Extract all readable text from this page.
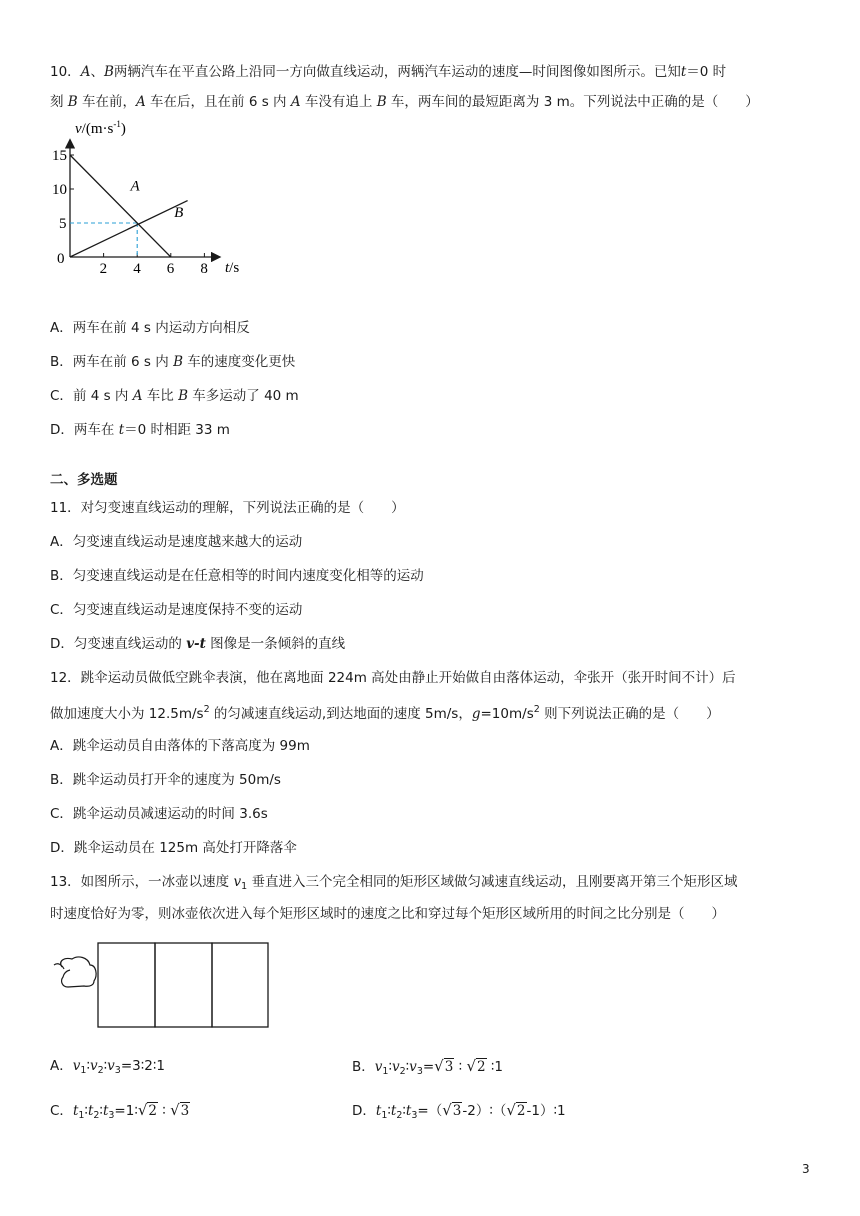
10．A、B两辆汽车在平直公路上沿同一方向做直线运动，两辆汽车运动的速度—时间图像如图所示。已知t＝0 时
刻 B 车在前，A 车在后，且在前 6 s 内 A 车没有追上 B 车，两车间的最短距离为 3 m。下列说法中正确的是（　　）
2 4 6 8
5
10
15
A
B
$v/(m\cdot s^{-1})$
t/s
0
A．两车在前 4 s 内运动方向相反
B．两车在前 6 s 内 B 车的速度变化更快
C．前 4 s 内 A 车比 B 车多运动了 40 m
D．两车在 t＝0 时相距 33 m
二、多选题
11．对匀变速直线运动的理解，下列说法正确的是（　　）
A．匀变速直线运动是速度越来越大的运动
B．匀变速直线运动是在任意相等的时间内速度变化相等的运动
C．匀变速直线运动是速度保持不变的运动
D．匀变速直线运动的 v-t 图像是一条倾斜的直线
12．跳伞运动员做低空跳伞表演，他在离地面 224m 高处由静止开始做自由落体运动，伞张开（张开时间不计）后
做加速度大小为 $12.5m/s^2$ 的匀减速直线运动,到达地面的速度 5m/s，$g=10m/s^2$ 则下列说法正确的是（　　）
A．跳伞运动员自由落体的下落高度为 99m
B．跳伞运动员打开伞的速度为 50m/s
C．跳伞运动员减速运动的时间 3.6s
D．跳伞运动员在 125m 高处打开降落伞
13．如图所示，一冰壶以速度 $v_1$ 垂直进入三个完全相同的矩形区域做匀减速直线运动，且刚要离开第三个矩形区域
时速度恰好为零，则冰壶依次进入每个矩形区域时的速度之比和穿过每个矩形区域所用的时间之比分别是（　　）
A．$v_1∶v_2∶v_3=3∶2∶1$	B．$v_1∶v_2∶v_3=√3$ ∶ √2 ∶1
C．$t_1∶t_2∶t_3=1∶√2$ ∶ √3	D．$t_1∶t_2∶t_3=(√3-2)∶(√2-1)∶1$
3
